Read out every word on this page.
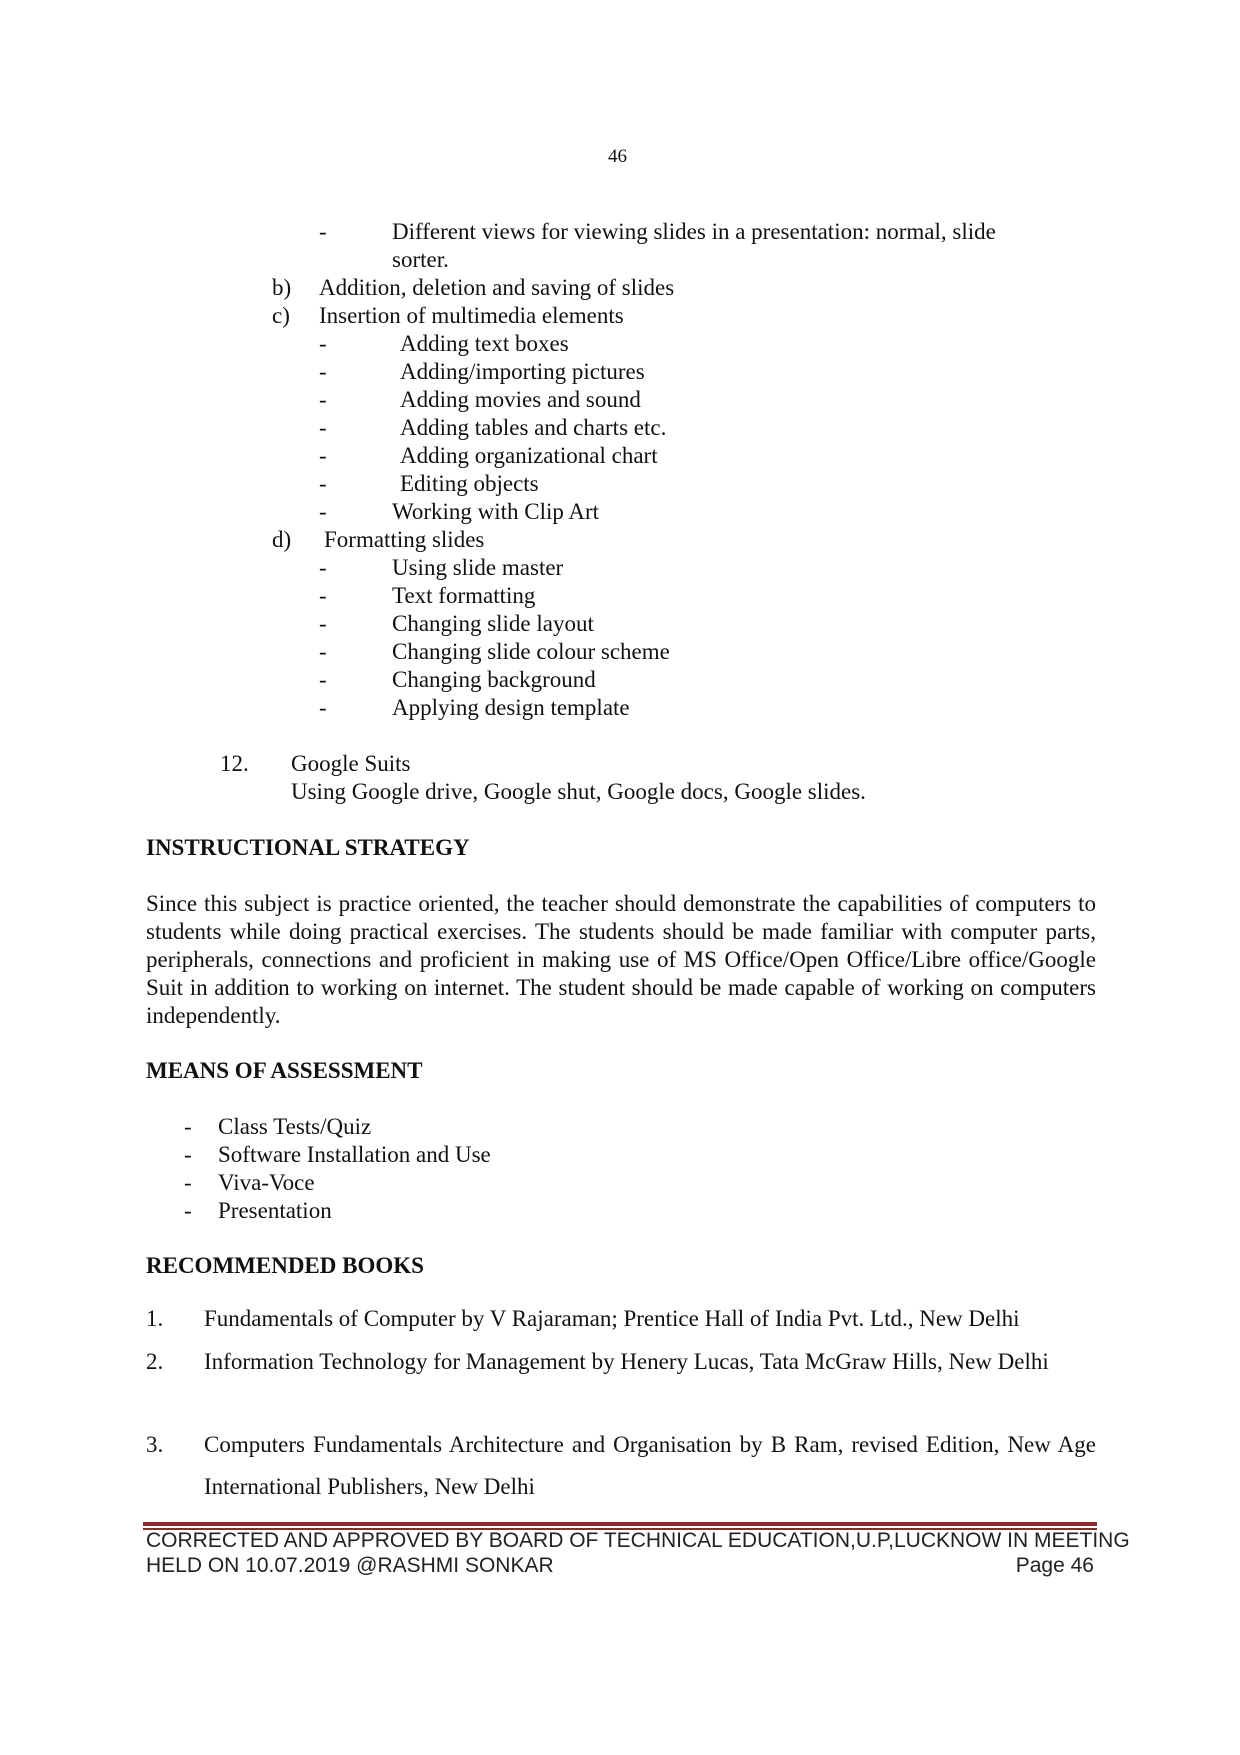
46
-	Different views for viewing slides in a presentation: normal, slide
sorter.
b) Addition, deletion and saving of slides
c) Insertion of multimedia elements
-	Adding text boxes
-	Adding/importing pictures
-	Adding movies and sound
-	Adding tables and charts etc.
-	Adding organizational chart
-	Editing objects
-	Working with Clip Art
d) Formatting slides
-	Using slide master
-	Text formatting
-	Changing slide layout
-	Changing slide colour scheme
-	Changing background
-	Applying design template
12. Google Suits
Using Google drive, Google shut, Google docs, Google slides.
INSTRUCTIONAL STRATEGY
Since this subject is practice oriented, the teacher should demonstrate the capabilities of computers to students while doing practical exercises. The students should be made familiar with computer parts, peripherals, connections and proficient in making use of MS Office/Open Office/Libre office/Google Suit in addition to working on internet. The student should be made capable of working on computers independently.
MEANS OF ASSESSMENT
- Class Tests/Quiz
- Software Installation and Use
- Viva-Voce
- Presentation
RECOMMENDED BOOKS
1. Fundamentals of Computer by V Rajaraman; Prentice Hall of India Pvt. Ltd., New Delhi
2. Information Technology for Management by Henery Lucas, Tata McGraw Hills, New Delhi
3. Computers Fundamentals Architecture and Organisation by B Ram, revised Edition, New Age International Publishers, New Delhi
CORRECTED AND APPROVED BY BOARD OF TECHNICAL EDUCATION,U.P,LUCKNOW IN MEETING
HELD ON 10.07.2019 @RASHMI SONKAR	Page 46
